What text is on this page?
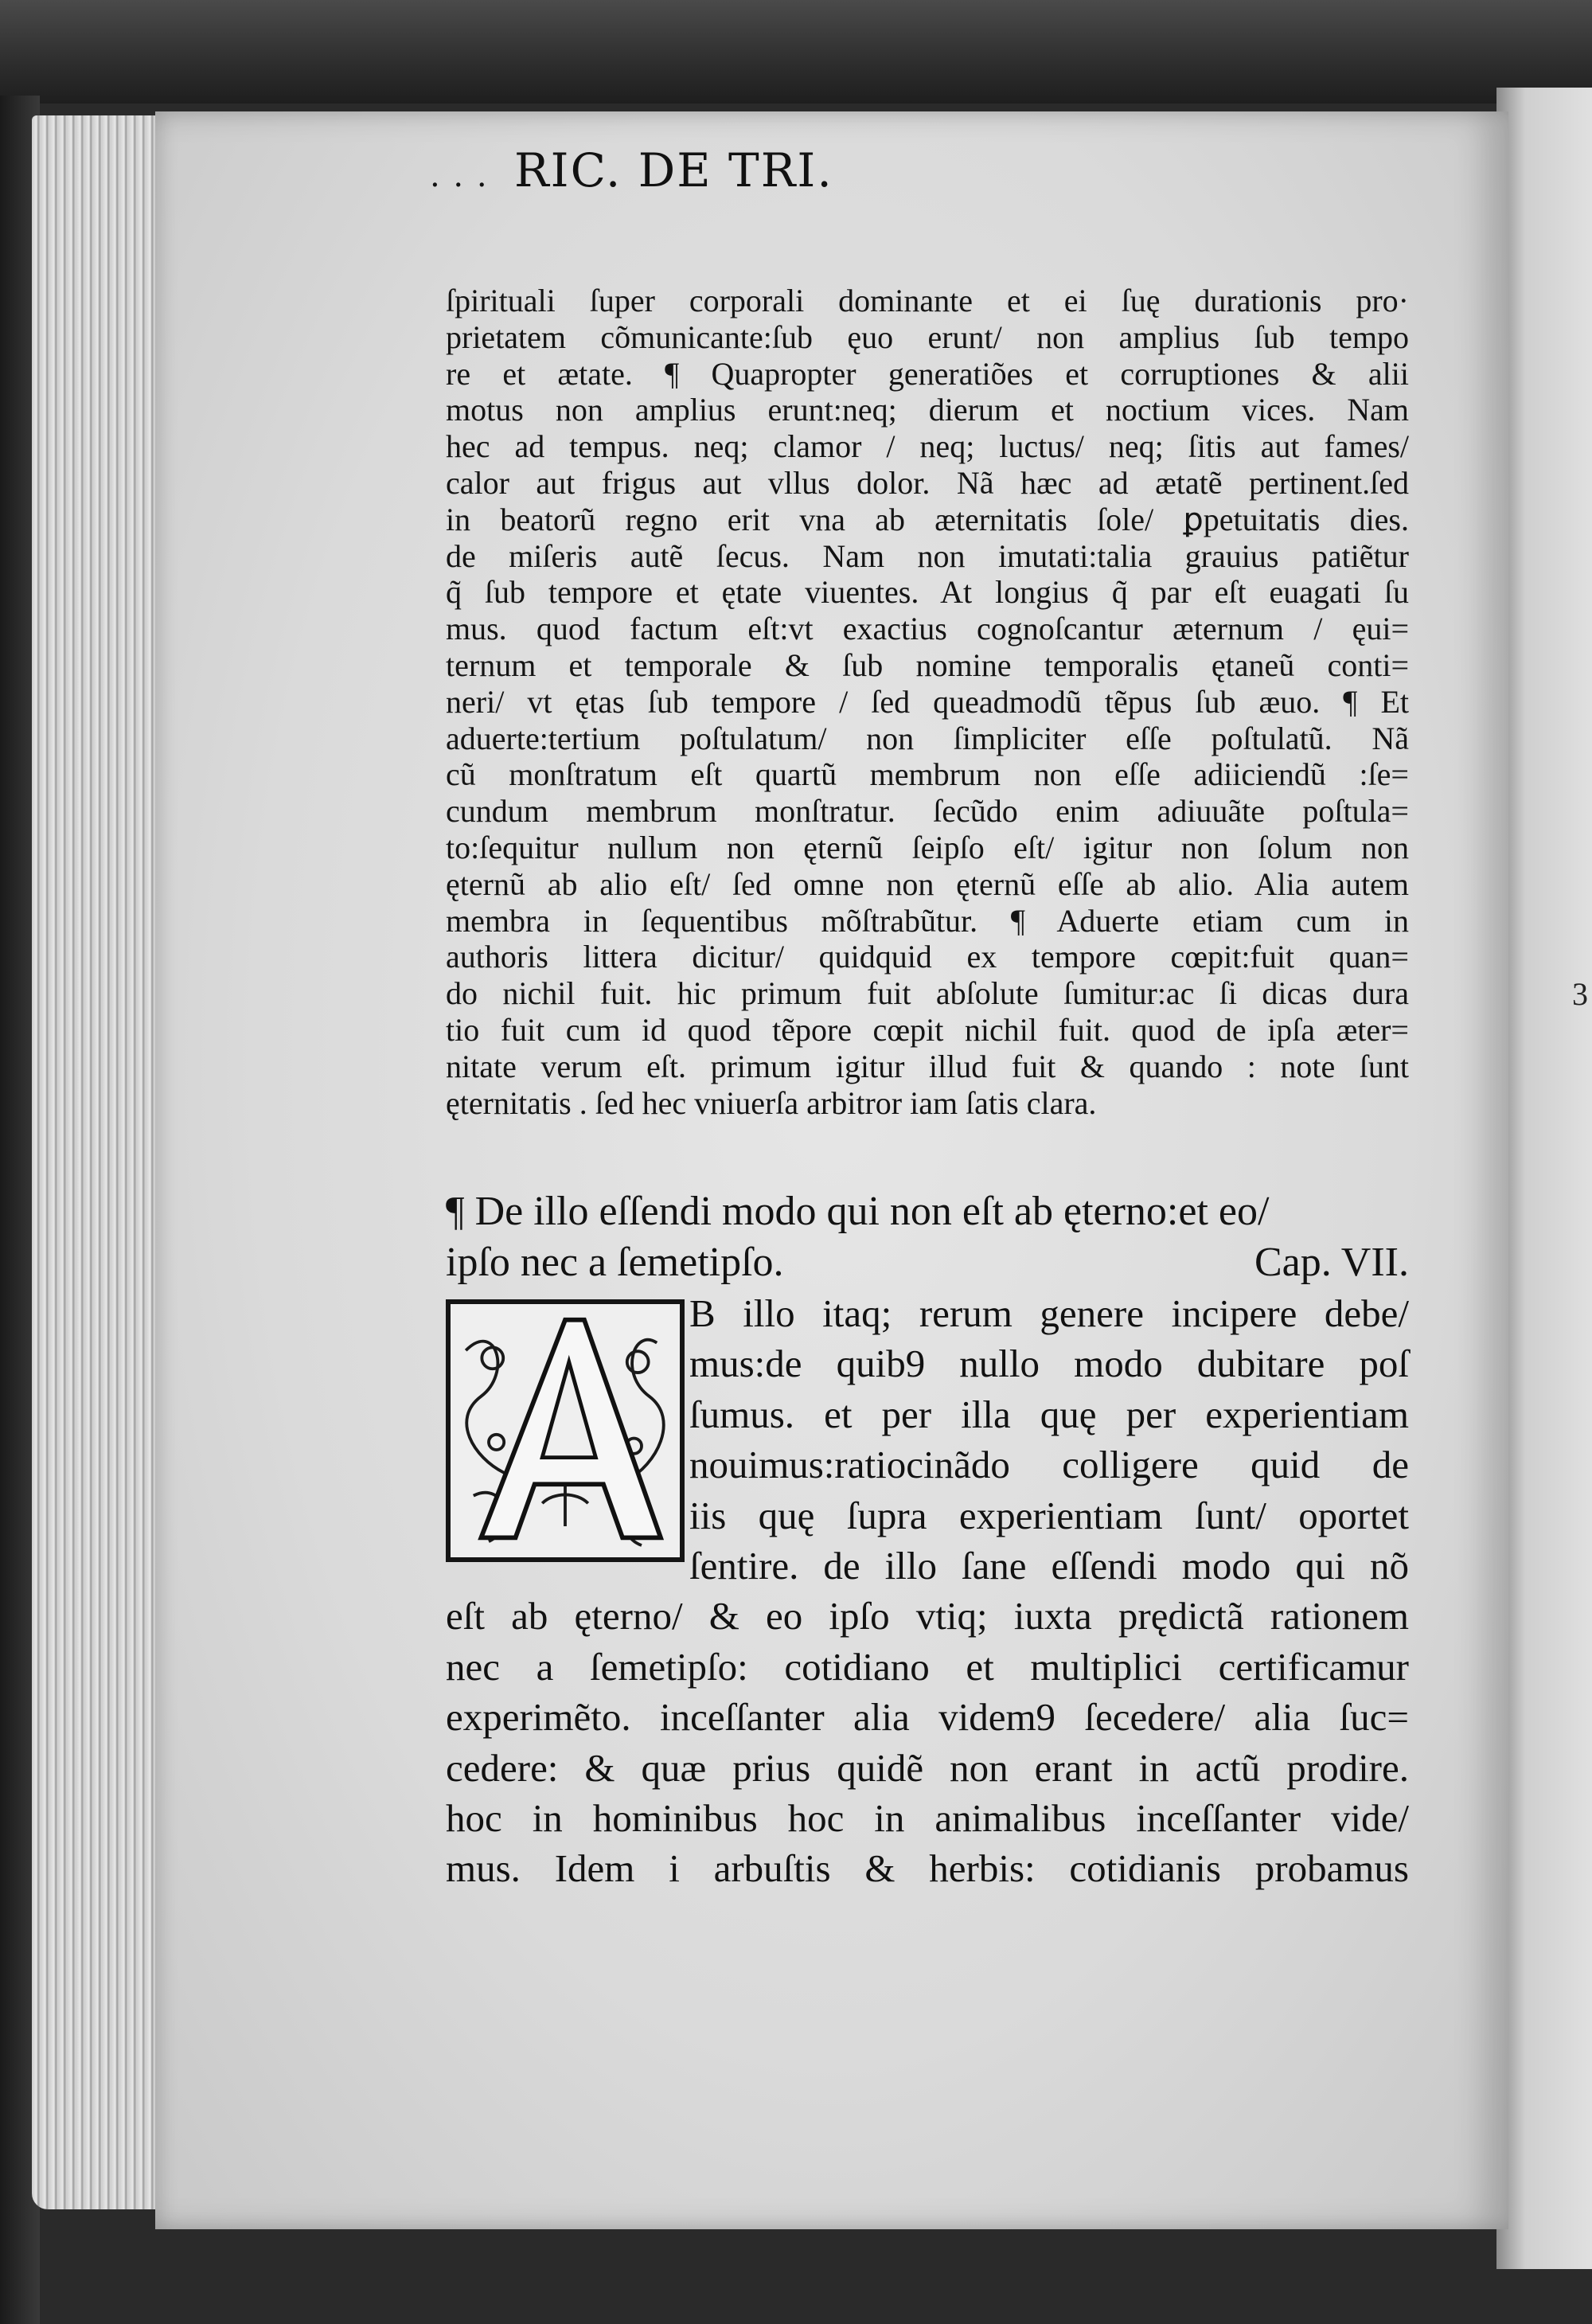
. . . RIC. DE TRI.
ſpirituali ſuper corporali dominante et ei ſuę durationis pro·
prietatem cõmunicante:ſub ęuo erunt/ non amplius ſub tempo
re et ætate. ¶ Quapropter generatiões et corruptiones & alii
motus non amplius erunt:neq; dierum et noctium vices. Nam
hec ad tempus. neq; clamor / neq; luctus/ neq; ſitis aut fames/
calor aut frigus aut vllus dolor. Nã hæc ad ætatẽ pertinent.ſed
in beatorũ regno erit vna ab æternitatis ſole/ ꝑpetuitatis dies.
de miſeris autẽ ſecus. Nam non imutati:talia grauius patiẽtur
q̃ ſub tempore et ętate viuentes. At longius q̃ par eſt euagati ſu
mus. quod factum eſt:vt exactius cognoſcantur æternum / ęui=
ternum et temporale & ſub nomine temporalis ętaneũ conti=
neri/ vt ętas ſub tempore / ſed queadmodũ tẽpus ſub æuo. ¶ Et
aduerte:tertium poſtulatum/ non ſimpliciter eſſe poſtulatũ. Nã
cũ monſtratum eſt quartũ membrum non eſſe adiiciendũ :ſe=
cundum membrum monſtratur. ſecũdo enim adiuuãte poſtula=
to:ſequitur nullum non ęternũ ſeipſo eſt/ igitur non ſolum non
ęternũ ab alio eſt/ ſed omne non ęternũ eſſe ab alio. Alia autem
membra in ſequentibus mõſtrabũtur. ¶ Aduerte etiam cum in
authoris littera dicitur/ quidquid ex tempore cœpit:fuit quan=
do nichil fuit. hic primum fuit abſolute ſumitur:ac ſi dicas dura
tio fuit cum id quod tẽpore cœpit nichil fuit. quod de ipſa æter=
nitate verum eſt. primum igitur illud fuit & quando : note ſunt
ęternitatis . ſed hec vniuerſa arbitror iam ſatis clara.
¶ De illo eſſendi modo qui non eſt ab ęterno:et eo/
ipſo nec a ſemetipſo.	Cap. VII.
B illo itaq; rerum genere incipere debe/
mus:de quib9 nullo modo dubitare poſ
ſumus. et per illa quę per experientiam
nouimus:ratiocinãdo colligere quid de
iis quę ſupra experientiam ſunt/ oportet
ſentire. de illo ſane eſſendi modo qui nõ
eſt ab ęterno/ & eo ipſo vtiq; iuxta prędictã rationem
nec a ſemetipſo: cotidiano et multiplici certificamur
experimẽto. inceſſanter alia videm9 ſecedere/ alia ſuc=
cedere: & quæ prius quidẽ non erant in actũ prodire.
hoc in hominibus hoc in animalibus inceſſanter vide/
mus. Idem i arbuſtis & herbis: cotidianis probamus
3
